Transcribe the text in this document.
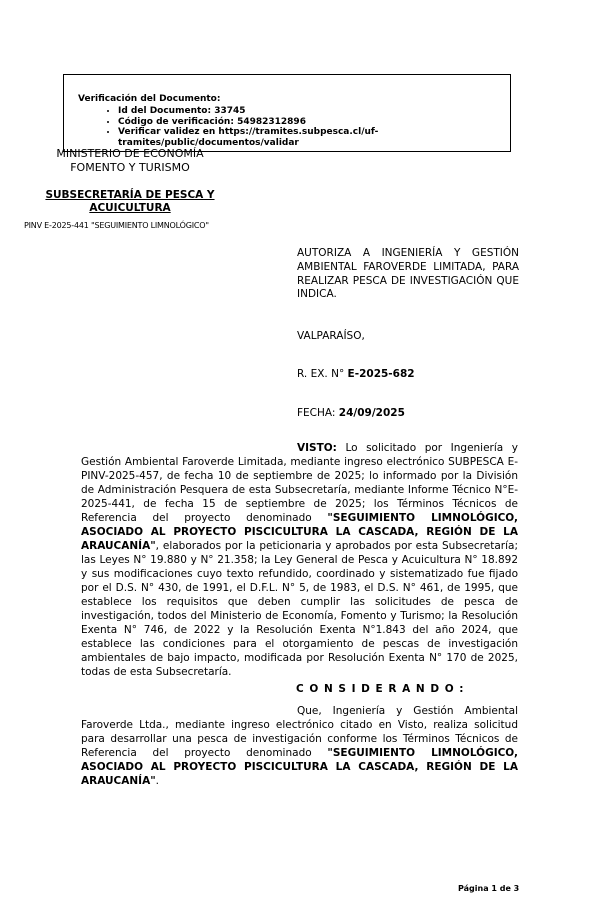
Verificación del Documento:
• Id del Documento: 33745
• Código de verificación: 54982312896
• Verificar validez en https://tramites.subpesca.cl/uf-tramites/public/documentos/validar
MINISTERIO DE ECONOMÍA
FOMENTO Y TURISMO
SUBSECRETARÍA DE PESCA Y
ACUICULTURA
PINV E-2025-441 "SEGUIMIENTO LIMNOLÓGICO"
AUTORIZA A INGENIERÍA Y GESTIÓN AMBIENTAL FAROVERDE LIMITADA, PARA REALIZAR PESCA DE INVESTIGACIÓN QUE INDICA.
VALPARAÍSO,
R. EX. N° E-2025-682
FECHA: 24/09/2025

VISTO: Lo solicitado por Ingeniería y Gestión Ambiental Faroverde Limitada, mediante ingreso electrónico SUBPESCA E-PINV-2025-457, de fecha 10 de septiembre de 2025; lo informado por la División de Administración Pesquera de esta Subsecretaría, mediante Informe Técnico N°E-2025-441, de fecha 15 de septiembre de 2025; los Términos Técnicos de Referencia del proyecto denominado "SEGUIMIENTO LIMNOLÓGICO, ASOCIADO AL PROYECTO PISCICULTURA LA CASCADA, REGIÓN DE LA ARAUCANÍA", elaborados por la peticionaria y aprobados por esta Subsecretaría; las Leyes N° 19.880 y N° 21.358; la Ley General de Pesca y Acuicultura N° 18.892 y sus modificaciones cuyo texto refundido, coordinado y sistematizado fue fijado por el D.S. N° 430, de 1991, el D.F.L. N° 5, de 1983, el D.S. N° 461, de 1995, que establece los requisitos que deben cumplir las solicitudes de pesca de investigación, todos del Ministerio de Economía, Fomento y Turismo; la Resolución Exenta N° 746, de 2022 y la Resolución Exenta N°1.843 del año 2024, que establece las condiciones para el otorgamiento de pescas de investigación ambientales de bajo impacto, modificada por Resolución Exenta N° 170 de 2025, todas de esta Subsecretaría.

C O N S I D E R A N D O :

Que, Ingeniería y Gestión Ambiental Faroverde Ltda., mediante ingreso electrónico citado en Visto, realiza solicitud para desarrollar una pesca de investigación conforme los Términos Técnicos de Referencia del proyecto denominado "SEGUIMIENTO LIMNOLÓGICO, ASOCIADO AL PROYECTO PISCICULTURA LA CASCADA, REGIÓN DE LA ARAUCANÍA".

Página 1 de 3
